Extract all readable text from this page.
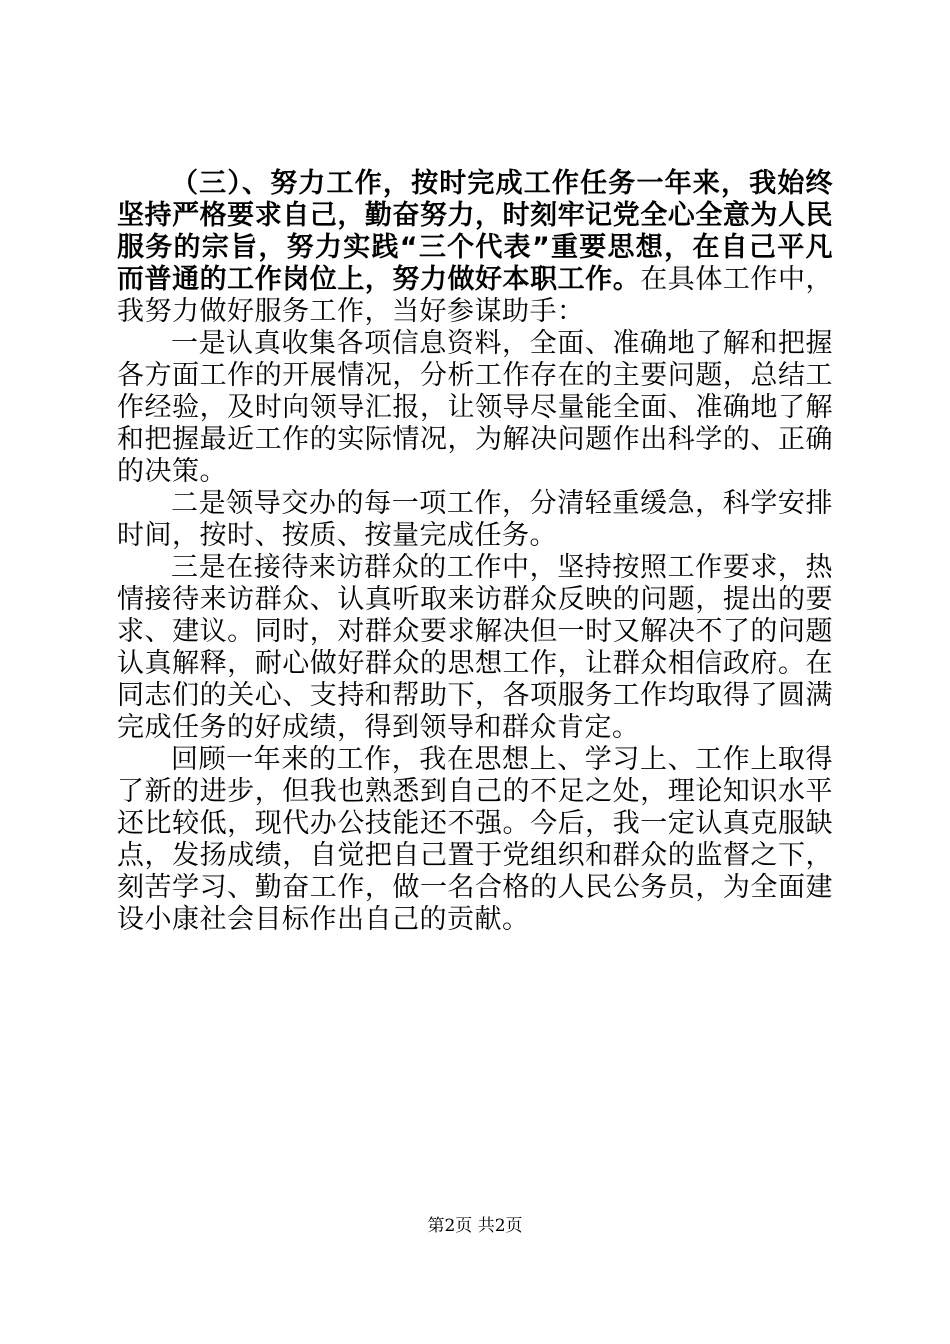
（三）、努力工作，按时完成工作任务一年来，我始终坚持严格要求自己，勤奋努力，时刻牢记党全心全意为人民服务的宗旨，努力实践“三个代表”重要思想，在自己平凡而普通的工作岗位上，努力做好本职工作。在具体工作中，我努力做好服务工作，当好参谋助手：

一是认真收集各项信息资料，全面、准确地了解和把握各方面工作的开展情况，分析工作存在的主要问题，总结工作经验，及时向领导汇报，让领导尽量能全面、准确地了解和把握最近工作的实际情况，为解决问题作出科学的、正确的决策。

二是领导交办的每一项工作，分清轻重缓急，科学安排时间，按时、按质、按量完成任务。

三是在接待来访群众的工作中，坚持按照工作要求，热情接待来访群众、认真听取来访群众反映的问题，提出的要求、建议。同时，对群众要求解决但一时又解决不了的问题认真解释，耐心做好群众的思想工作，让群众相信政府。在同志们的关心、支持和帮助下，各项服务工作均取得了圆满完成任务的好成绩，得到领导和群众肯定。

回顾一年来的工作，我在思想上、学习上、工作上取得了新的进步，但我也熟悉到自己的不足之处，理论知识水平还比较低，现代办公技能还不强。今后，我一定认真克服缺点，发扬成绩，自觉把自己置于党组织和群众的监督之下，刻苦学习、勤奋工作，做一名合格的人民公务员，为全面建设小康社会目标作出自己的贡献。

第2页 共2页
